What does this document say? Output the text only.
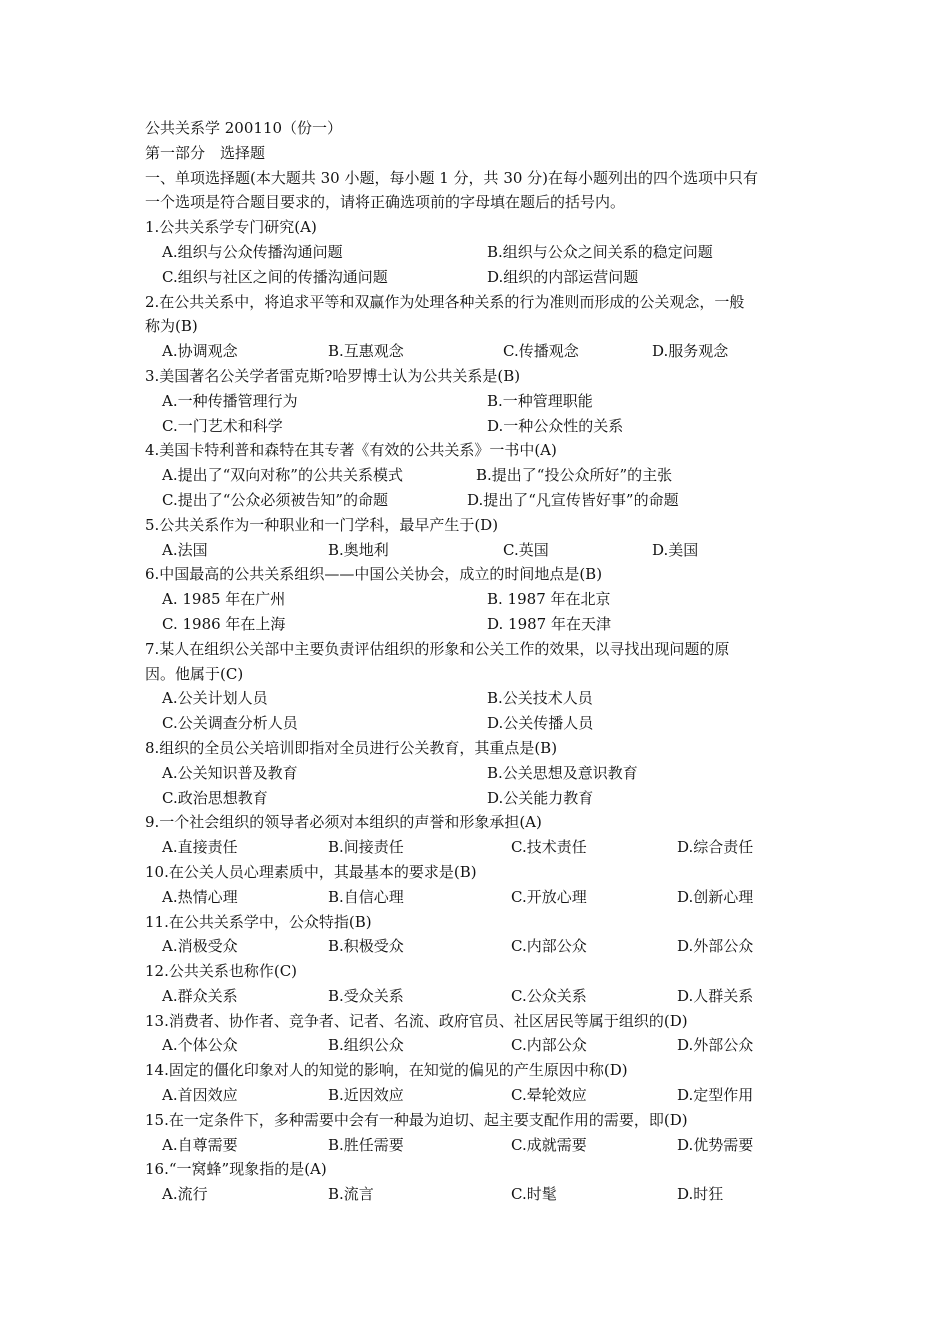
公共关系学 200110（份一）
第一部分　选择题
一、单项选择题(本大题共 30 小题，每小题 1 分，共 30 分)在每小题列出的四个选项中只有
一个选项是符合题目要求的，请将正确选项前的字母填在题后的括号内。
1.公共关系学专门研究(A)
A.组织与公众传播沟通问题	B.组织与公众之间关系的稳定问题
C.组织与社区之间的传播沟通问题	D.组织的内部运营问题
2.在公共关系中，将追求平等和双赢作为处理各种关系的行为准则而形成的公关观念，一般
称为(B)
A.协调观念	B.互惠观念	C.传播观念	D.服务观念
3.美国著名公关学者雷克斯?哈罗博士认为公共关系是(B)
A.一种传播管理行为	B.一种管理职能
C.一门艺术和科学	D.一种公众性的关系
4.美国卡特利普和森特在其专著《有效的公共关系》一书中(A)
A.提出了“双向对称”的公共关系模式	B.提出了“投公众所好”的主张
C.提出了“公众必须被告知”的命题	D.提出了“凡宣传皆好事”的命题
5.公共关系作为一种职业和一门学科，最早产生于(D)
A.法国	B.奥地利	C.英国	D.美国
6.中国最高的公共关系组织——中国公关协会，成立的时间地点是(B)
A. 1985 年在广州	B. 1987 年在北京
C. 1986 年在上海	D. 1987 年在天津
7.某人在组织公关部中主要负责评估组织的形象和公关工作的效果，以寻找出现问题的原
因。他属于(C)
A.公关计划人员	B.公关技术人员
C.公关调查分析人员	D.公关传播人员
8.组织的全员公关培训即指对全员进行公关教育，其重点是(B)
A.公关知识普及教育	B.公关思想及意识教育
C.政治思想教育	D.公关能力教育
9.一个社会组织的领导者必须对本组织的声誉和形象承担(A)
A.直接责任	B.间接责任	C.技术责任	D.综合责任
10.在公关人员心理素质中，其最基本的要求是(B)
A.热情心理	B.自信心理	C.开放心理	D.创新心理
11.在公共关系学中，公众特指(B)
A.消极受众	B.积极受众	C.内部公众	D.外部公众
12.公共关系也称作(C)
A.群众关系	B.受众关系	C.公众关系	D.人群关系
13.消费者、协作者、竞争者、记者、名流、政府官员、社区居民等属于组织的(D)
A.个体公众	B.组织公众	C.内部公众	D.外部公众
14.固定的僵化印象对人的知觉的影响，在知觉的偏见的产生原因中称(D)
A.首因效应	B.近因效应	C.晕轮效应	D.定型作用
15.在一定条件下，多种需要中会有一种最为迫切、起主要支配作用的需要，即(D)
A.自尊需要	B.胜任需要	C.成就需要	D.优势需要
16.“一窝蜂”现象指的是(A)
A.流行	B.流言	C.时髦	D.时狂
